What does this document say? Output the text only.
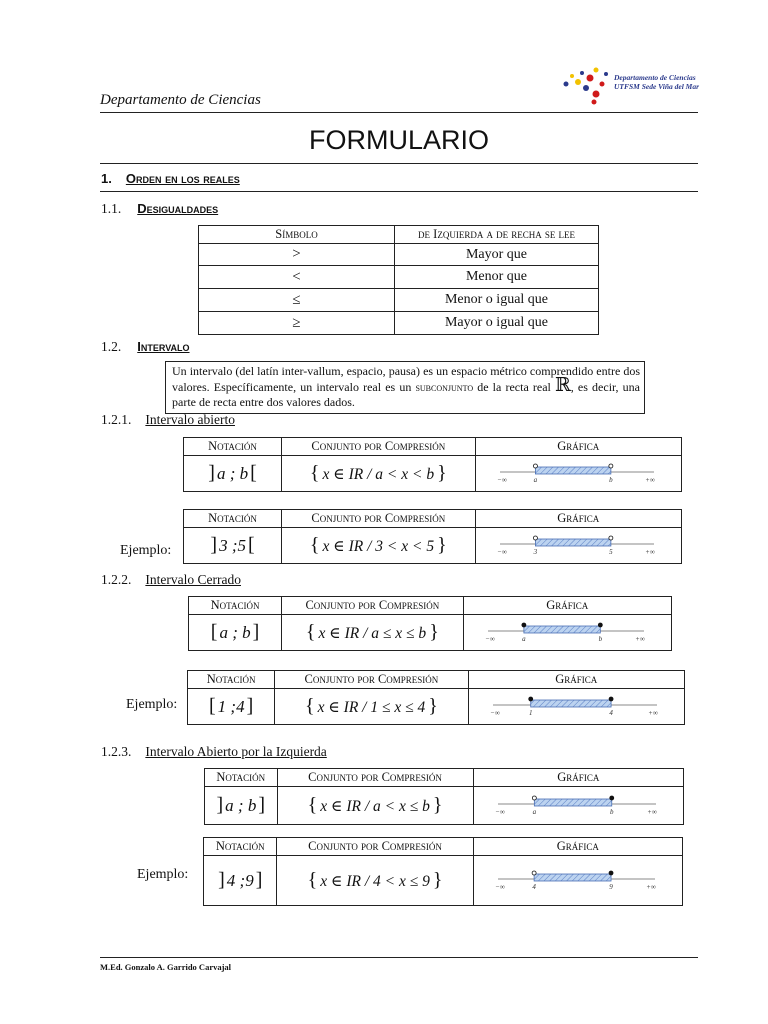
Departamento de Ciencias
Departamento de Ciencias
UTFSM Sede Viña del Mar
FORMULARIO
1. Orden en los reales
1.1. Desigualdades
Símbolo	de Izquierda a de recha se lee
>	Mayor que
<	Menor que
≤	Menor o igual que
≥	Mayor o igual que
1.2. Intervalo
Un intervalo (del latín inter-vallum, espacio, pausa) es un espacio métrico comprendido entre dos valores. Específicamente, un intervalo real es un subconjunto de la recta real ℝ, es decir, una parte de recta entre dos valores dados.
1.2.1. Intervalo abierto
Notación	Conjunto por Compresión	Gráfica
] a ; b [	{ x ∈ IR / a < x < b }	−∞ a b +∞
Notación	Conjunto por Compresión	Gráfica
] 3 ;5 [	{ x ∈ IR / 3 < x < 5 }	−∞ 3 5 +∞
Ejemplo:
1.2.2. Intervalo Cerrado
Notación	Conjunto por Compresión	Gráfica
[ a ; b ]	{ x ∈ IR / a ≤ x ≤ b }	−∞ a b +∞
Notación	Conjunto por Compresión	Gráfica
[ 1 ;4 ]	{ x ∈ IR / 1 ≤ x ≤ 4 }	−∞ 1 4 +∞
Ejemplo:
1.2.3. Intervalo Abierto por la Izquierda
Notación	Conjunto por Compresión	Gráfica
] a ; b ]	{ x ∈ IR / a < x ≤ b }	−∞ a b +∞
Notación	Conjunto por Compresión	Gráfica
] 4 ;9 ]	{ x ∈ IR / 4 < x ≤ 9 }	−∞ 4 9 +∞
Ejemplo:
M.Ed. Gonzalo A. Garrido Carvajal
